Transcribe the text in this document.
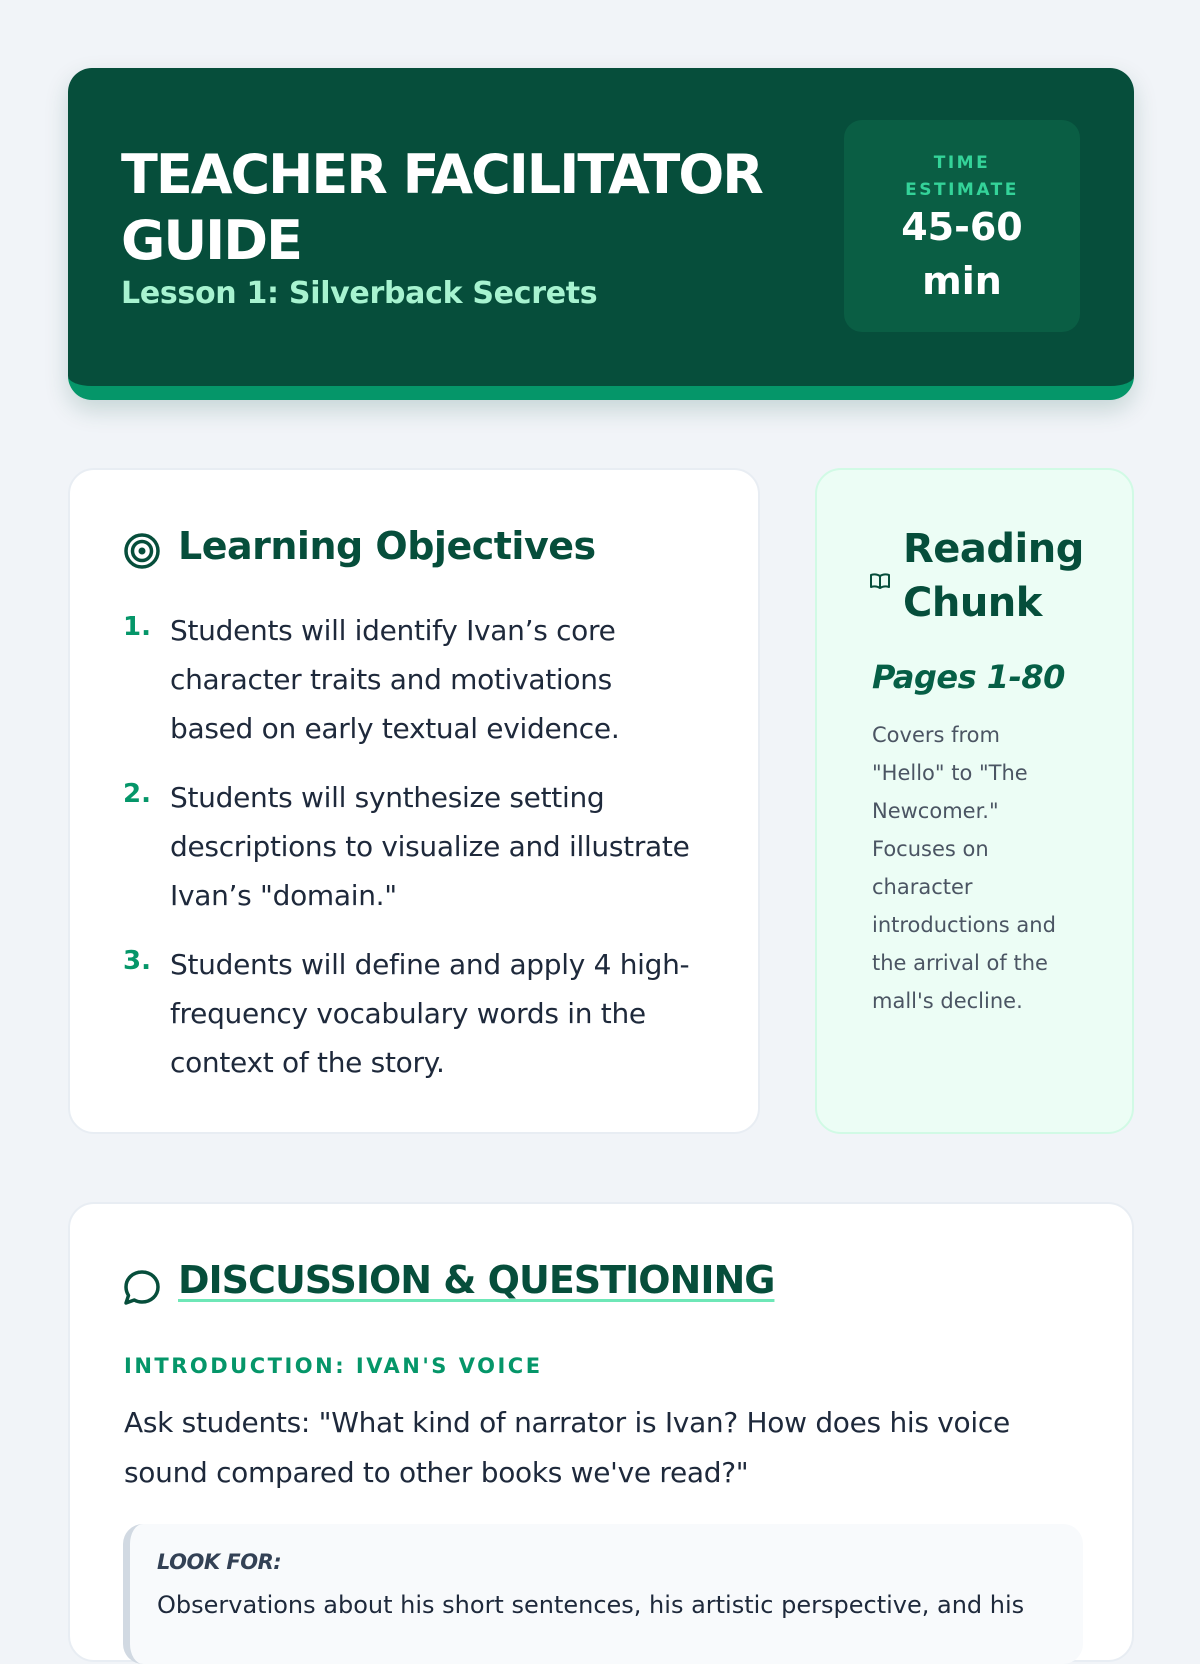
TEACHER FACILITATOR GUIDE
Lesson 1: Silverback Secrets
TIME ESTIMATE
45-60 min
Learning Objectives
1. Students will identify Ivan’s core character traits and motivations based on early textual evidence.
2. Students will synthesize setting descriptions to visualize and illustrate Ivan’s "domain."
3. Students will define and apply 4 high-frequency vocabulary words in the context of the story.
Reading Chunk
Pages 1-80
Covers from "Hello" to "The Newcomer." Focuses on character introductions and the arrival of the mall's decline.
DISCUSSION & QUESTIONING
INTRODUCTION: IVAN'S VOICE
Ask students: "What kind of narrator is Ivan? How does his voice sound compared to other books we've read?"
LOOK FOR:
Observations about his short sentences, his artistic perspective, and his
